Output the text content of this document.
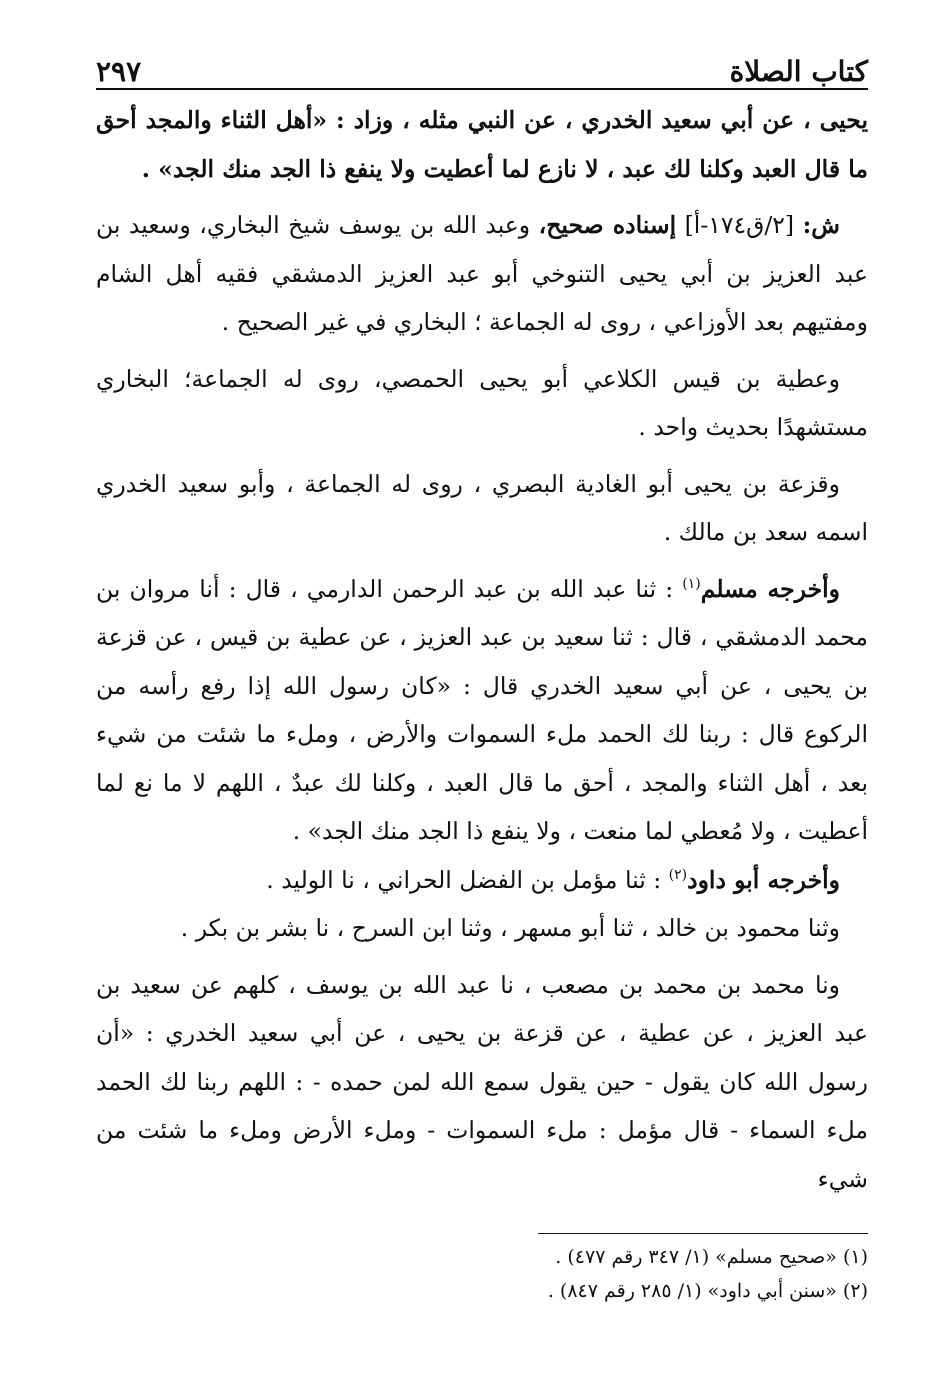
كتاب الصلاة
٢٩٧

يحيى ، عن أبي سعيد الخدري ، عن النبي مثله ، وزاد : «أهل الثناء والمجد أحق ما قال العبد وكلنا لك عبد ، لا نازع لما أعطيت ولا ينفع ذا الجد منك الجد» .

ش: [٢/ق١٧٤-أ] إسناده صحيح، وعبد الله بن يوسف شيخ البخاري، وسعيد بن عبد العزيز بن أبي يحيى التنوخي أبو عبد العزيز الدمشقي فقيه أهل الشام ومفتيهم بعد الأوزاعي ، روى له الجماعة ؛ البخاري في غير الصحيح .

وعطية بن قيس الكلاعي أبو يحيى الحمصي، روى له الجماعة؛ البخاري مستشهدًا بحديث واحد .

وقزعة بن يحيى أبو الغادية البصري ، روى له الجماعة ، وأبو سعيد الخدري اسمه سعد بن مالك .

وأخرجه مسلم$^{(١)}$ : ثنا عبد الله بن عبد الرحمن الدارمي ، قال : أنا مروان بن محمد الدمشقي ، قال : ثنا سعيد بن عبد العزيز ، عن عطية بن قيس ، عن قزعة بن يحيى ، عن أبي سعيد الخدري قال : «كان رسول الله إذا رفع رأسه من الركوع قال : ربنا لك الحمد ملء السموات والأرض ، وملء ما شئت من شيء بعد ، أهل الثناء والمجد ، أحق ما قال العبد ، وكلنا لك عبدٌ ، اللهم لا ما نع لما أعطيت ، ولا مُعطي لما منعت ، ولا ينفع ذا الجد منك الجد» .

وأخرجه أبو داود$^{(٢)}$ : ثنا مؤمل بن الفضل الحراني ، نا الوليد .

وثنا محمود بن خالد ، ثنا أبو مسهر ، وثنا ابن السرح ، نا بشر بن بكر .

ونا محمد بن محمد بن مصعب ، نا عبد الله بن يوسف ، كلهم عن سعيد بن عبد العزيز ، عن عطية ، عن قزعة بن يحيى ، عن أبي سعيد الخدري : «أن رسول الله كان يقول - حين يقول سمع الله لمن حمده - : اللهم ربنا لك الحمد ملء السماء - قال مؤمل : ملء السموات - وملء الأرض وملء ما شئت من شيء

(١) «صحيح مسلم» (١/ ٣٤٧ رقم ٤٧٧) .
(٢) «سنن أبي داود» (١/ ٢٨٥ رقم ٨٤٧) .
